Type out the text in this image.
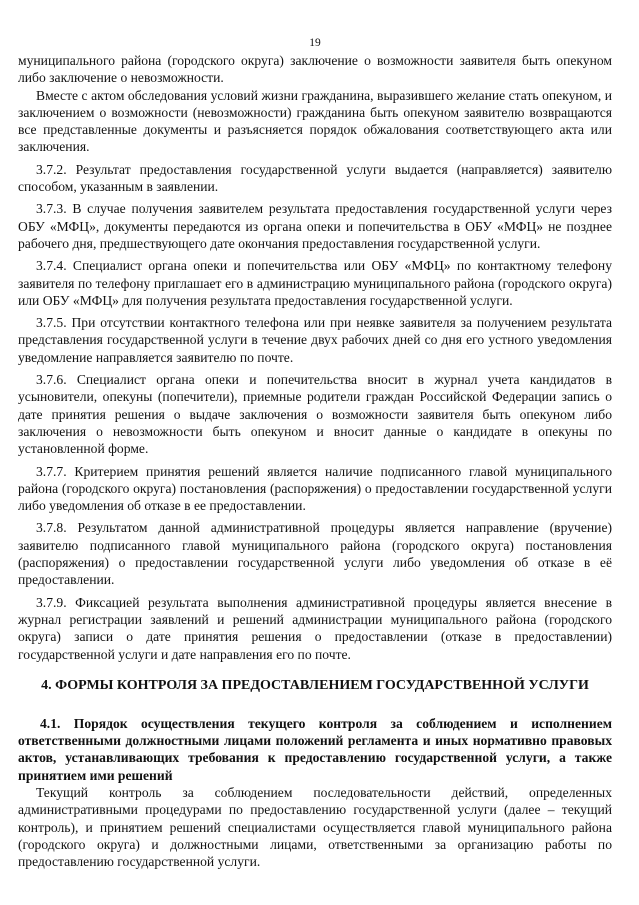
19

муниципального района (городского округа) заключение о возможности заявителя быть опекуном либо заключение о невозможности.

Вместе с актом обследования условий жизни гражданина, выразившего желание стать опекуном, и заключением о возможности (невозможности) гражданина быть опекуном заявителю возвращаются все представленные документы и разъясняется порядок обжалования соответствующего акта или заключения.

3.7.2. Результат предоставления государственной услуги выдается (направляется) заявителю способом, указанным в заявлении.

3.7.3. В случае получения заявителем результата предоставления государственной услуги через ОБУ «МФЦ», документы передаются из органа опеки и попечительства в ОБУ «МФЦ» не позднее рабочего дня, предшествующего дате окончания предоставления государственной услуги.

3.7.4. Специалист органа опеки и попечительства или ОБУ «МФЦ» по контактному телефону заявителя по телефону приглашает его в администрацию муниципального района (городского округа) или ОБУ «МФЦ» для получения результата предоставления государственной услуги.

3.7.5. При отсутствии контактного телефона или при неявке заявителя за получением результата представления государственной услуги в течение двух рабочих дней со дня его устного уведомления уведомление направляется заявителю по почте.

3.7.6. Специалист органа опеки и попечительства вносит в журнал учета кандидатов в усыновители, опекуны (попечители), приемные родители граждан Российской Федерации запись о дате принятия решения о выдаче заключения о возможности заявителя быть опекуном либо заключения о невозможности быть опекуном и вносит данные о кандидате в опекуны по установленной форме.

3.7.7. Критерием принятия решений является наличие подписанного главой муниципального района (городского округа) постановления (распоряжения) о предоставлении государственной услуги либо уведомления об отказе в ее предоставлении.

3.7.8. Результатом данной административной процедуры является направление (вручение) заявителю подписанного главой муниципального района (городского округа) постановления (распоряжения) о предоставлении государственной услуги либо уведомления об отказе в её предоставлении.

3.7.9. Фиксацией результата выполнения административной процедуры является внесение в журнал регистрации заявлений и решений администрации муниципального района (городского округа) записи о дате принятия решения о предоставлении (отказе в предоставлении) государственной услуги и дате направления его по почте.

4. ФОРМЫ КОНТРОЛЯ ЗА ПРЕДОСТАВЛЕНИЕМ ГОСУДАРСТВЕННОЙ УСЛУГИ

4.1. Порядок осуществления текущего контроля за соблюдением и исполнением ответственными должностными лицами положений регламента и иных нормативно правовых актов, устанавливающих требования к предоставлению государственной услуги, а также принятием ими решений

Текущий контроль за соблюдением последовательности действий, определенных административными процедурами по предоставлению государственной услуги (далее – текущий контроль), и принятием решений специалистами осуществляется главой муниципального района (городского округа) и должностными лицами, ответственными за организацию работы по предоставлению государственной услуги.
